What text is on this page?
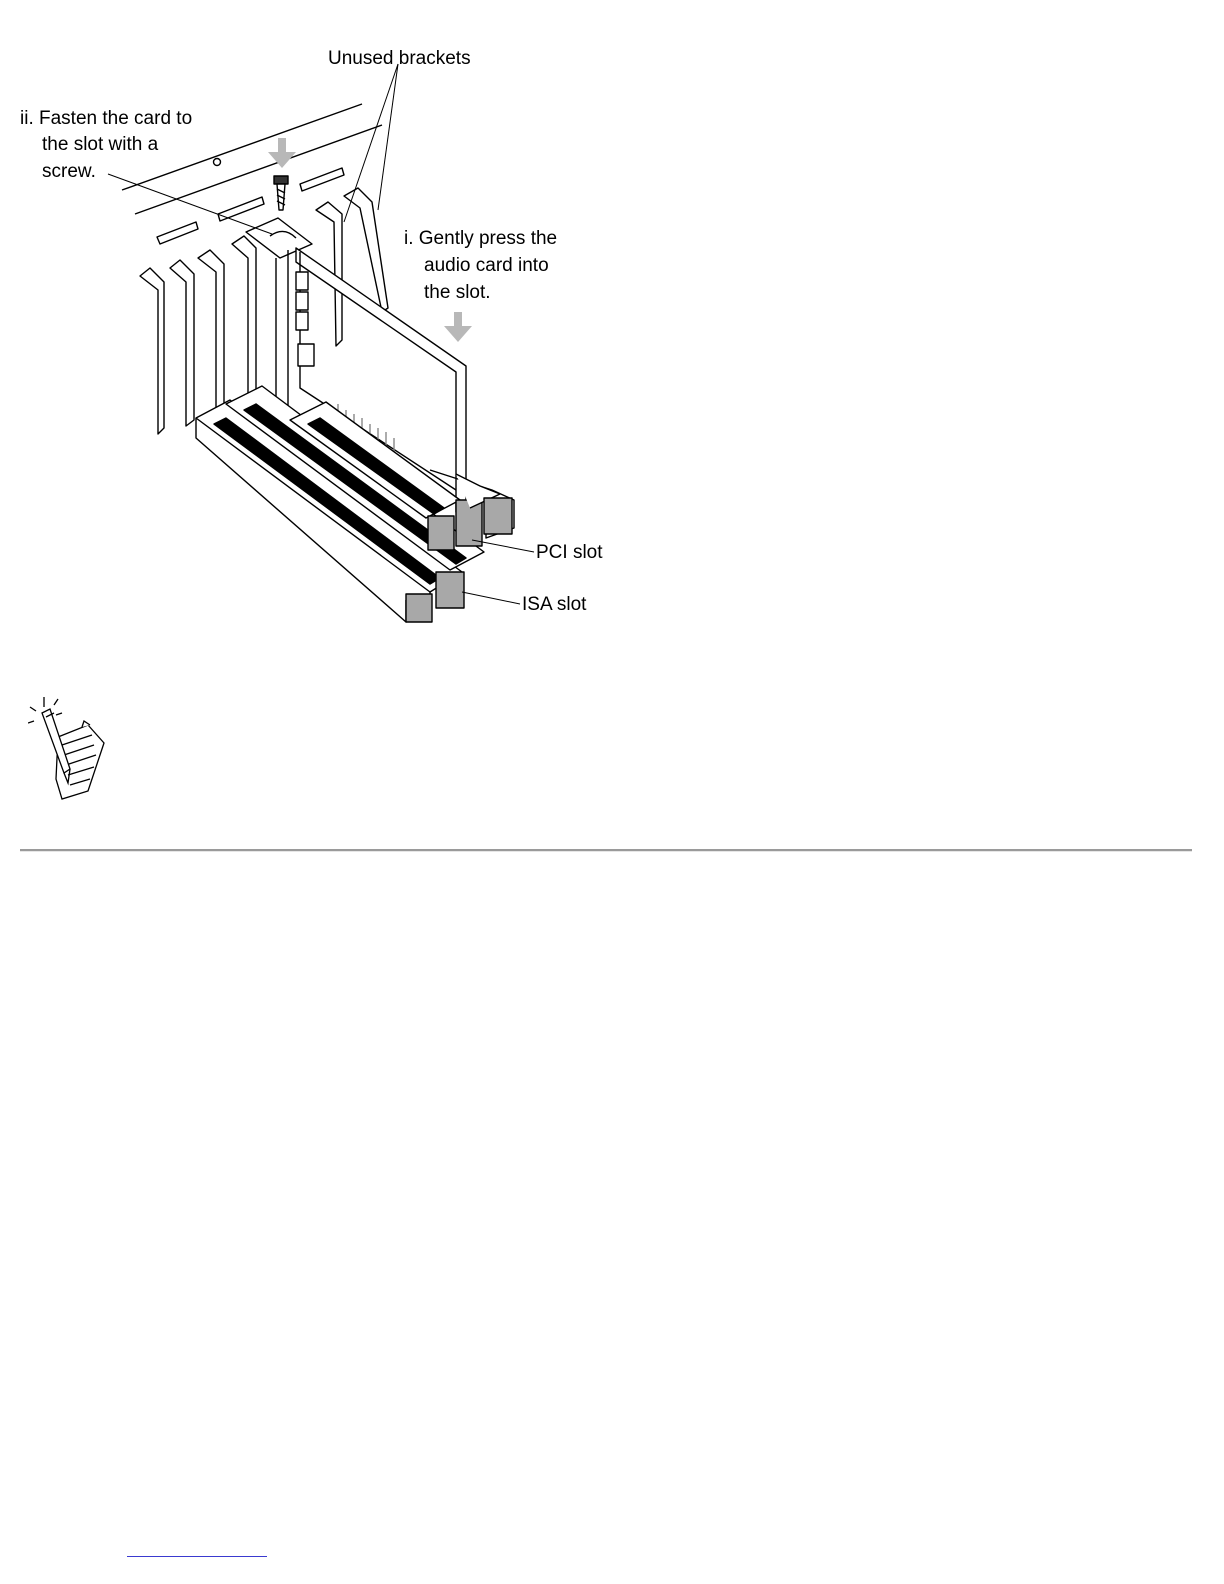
Unused brackets
ii. Fasten the card to
the slot with a
screw.
i. Gently press the
audio card into
the slot.
PCI slot
ISA slot
